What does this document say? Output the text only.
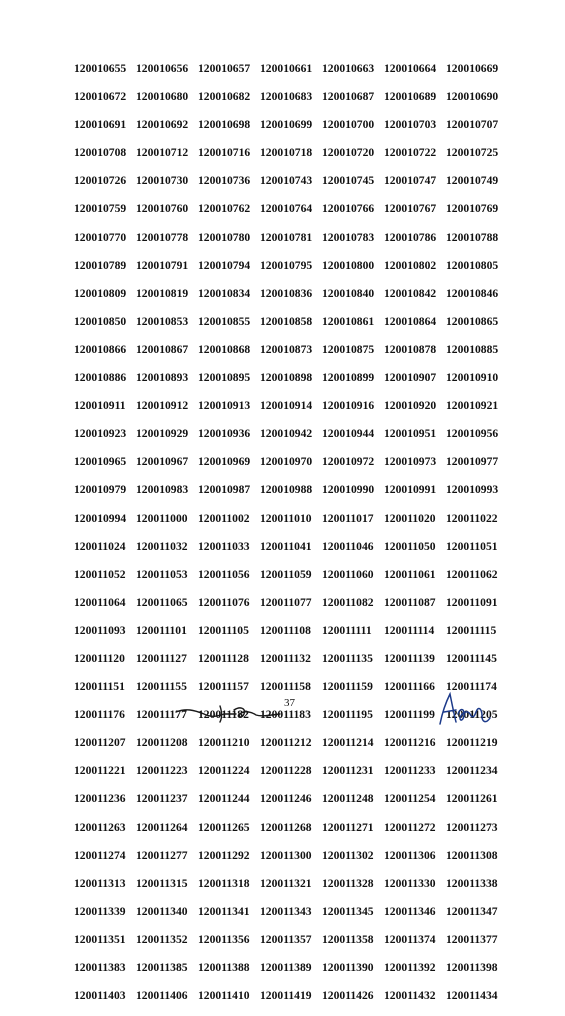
120010655 120010656 120010657 120010661 120010663 120010664 120010669
120010672 120010680 120010682 120010683 120010687 120010689 120010690
120010691 120010692 120010698 120010699 120010700 120010703 120010707
120010708 120010712 120010716 120010718 120010720 120010722 120010725
120010726 120010730 120010736 120010743 120010745 120010747 120010749
120010759 120010760 120010762 120010764 120010766 120010767 120010769
120010770 120010778 120010780 120010781 120010783 120010786 120010788
120010789 120010791 120010794 120010795 120010800 120010802 120010805
120010809 120010819 120010834 120010836 120010840 120010842 120010846
120010850 120010853 120010855 120010858 120010861 120010864 120010865
120010866 120010867 120010868 120010873 120010875 120010878 120010885
120010886 120010893 120010895 120010898 120010899 120010907 120010910
120010911 120010912 120010913 120010914 120010916 120010920 120010921
120010923 120010929 120010936 120010942 120010944 120010951 120010956
120010965 120010967 120010969 120010970 120010972 120010973 120010977
120010979 120010983 120010987 120010988 120010990 120010991 120010993
120010994 120011000 120011002 120011010 120011017 120011020 120011022
120011024 120011032 120011033 120011041 120011046 120011050 120011051
120011052 120011053 120011056 120011059 120011060 120011061 120011062
120011064 120011065 120011076 120011077 120011082 120011087 120011091
120011093 120011101 120011105 120011108 120011111	120011114	120011115
120011120 120011127 120011128 120011132 120011135 120011139 120011145
120011151 120011155 120011157 120011158 120011159 120011166 120011174
120011176 120011177 120011182 120011183 120011195 120011199 120011205
120011207 120011208 120011210 120011212 120011214 120011216 120011219
120011221 120011223 120011224 120011228 120011231 120011233 120011234
120011236 120011237 120011244 120011246 120011248 120011254 120011261
120011263 120011264 120011265 120011268 120011271 120011272 120011273
120011274 120011277 120011292 120011300 120011302 120011306 120011308
120011313 120011315 120011318 120011321 120011328 120011330 120011338
120011339 120011340 120011341 120011343 120011345 120011346 120011347
120011351 120011352 120011356 120011357 120011358 120011374 120011377
120011383 120011385 120011388 120011389 120011390 120011392 120011398
120011403 120011406 120011410 120011419 120011426 120011432 120011434
37
